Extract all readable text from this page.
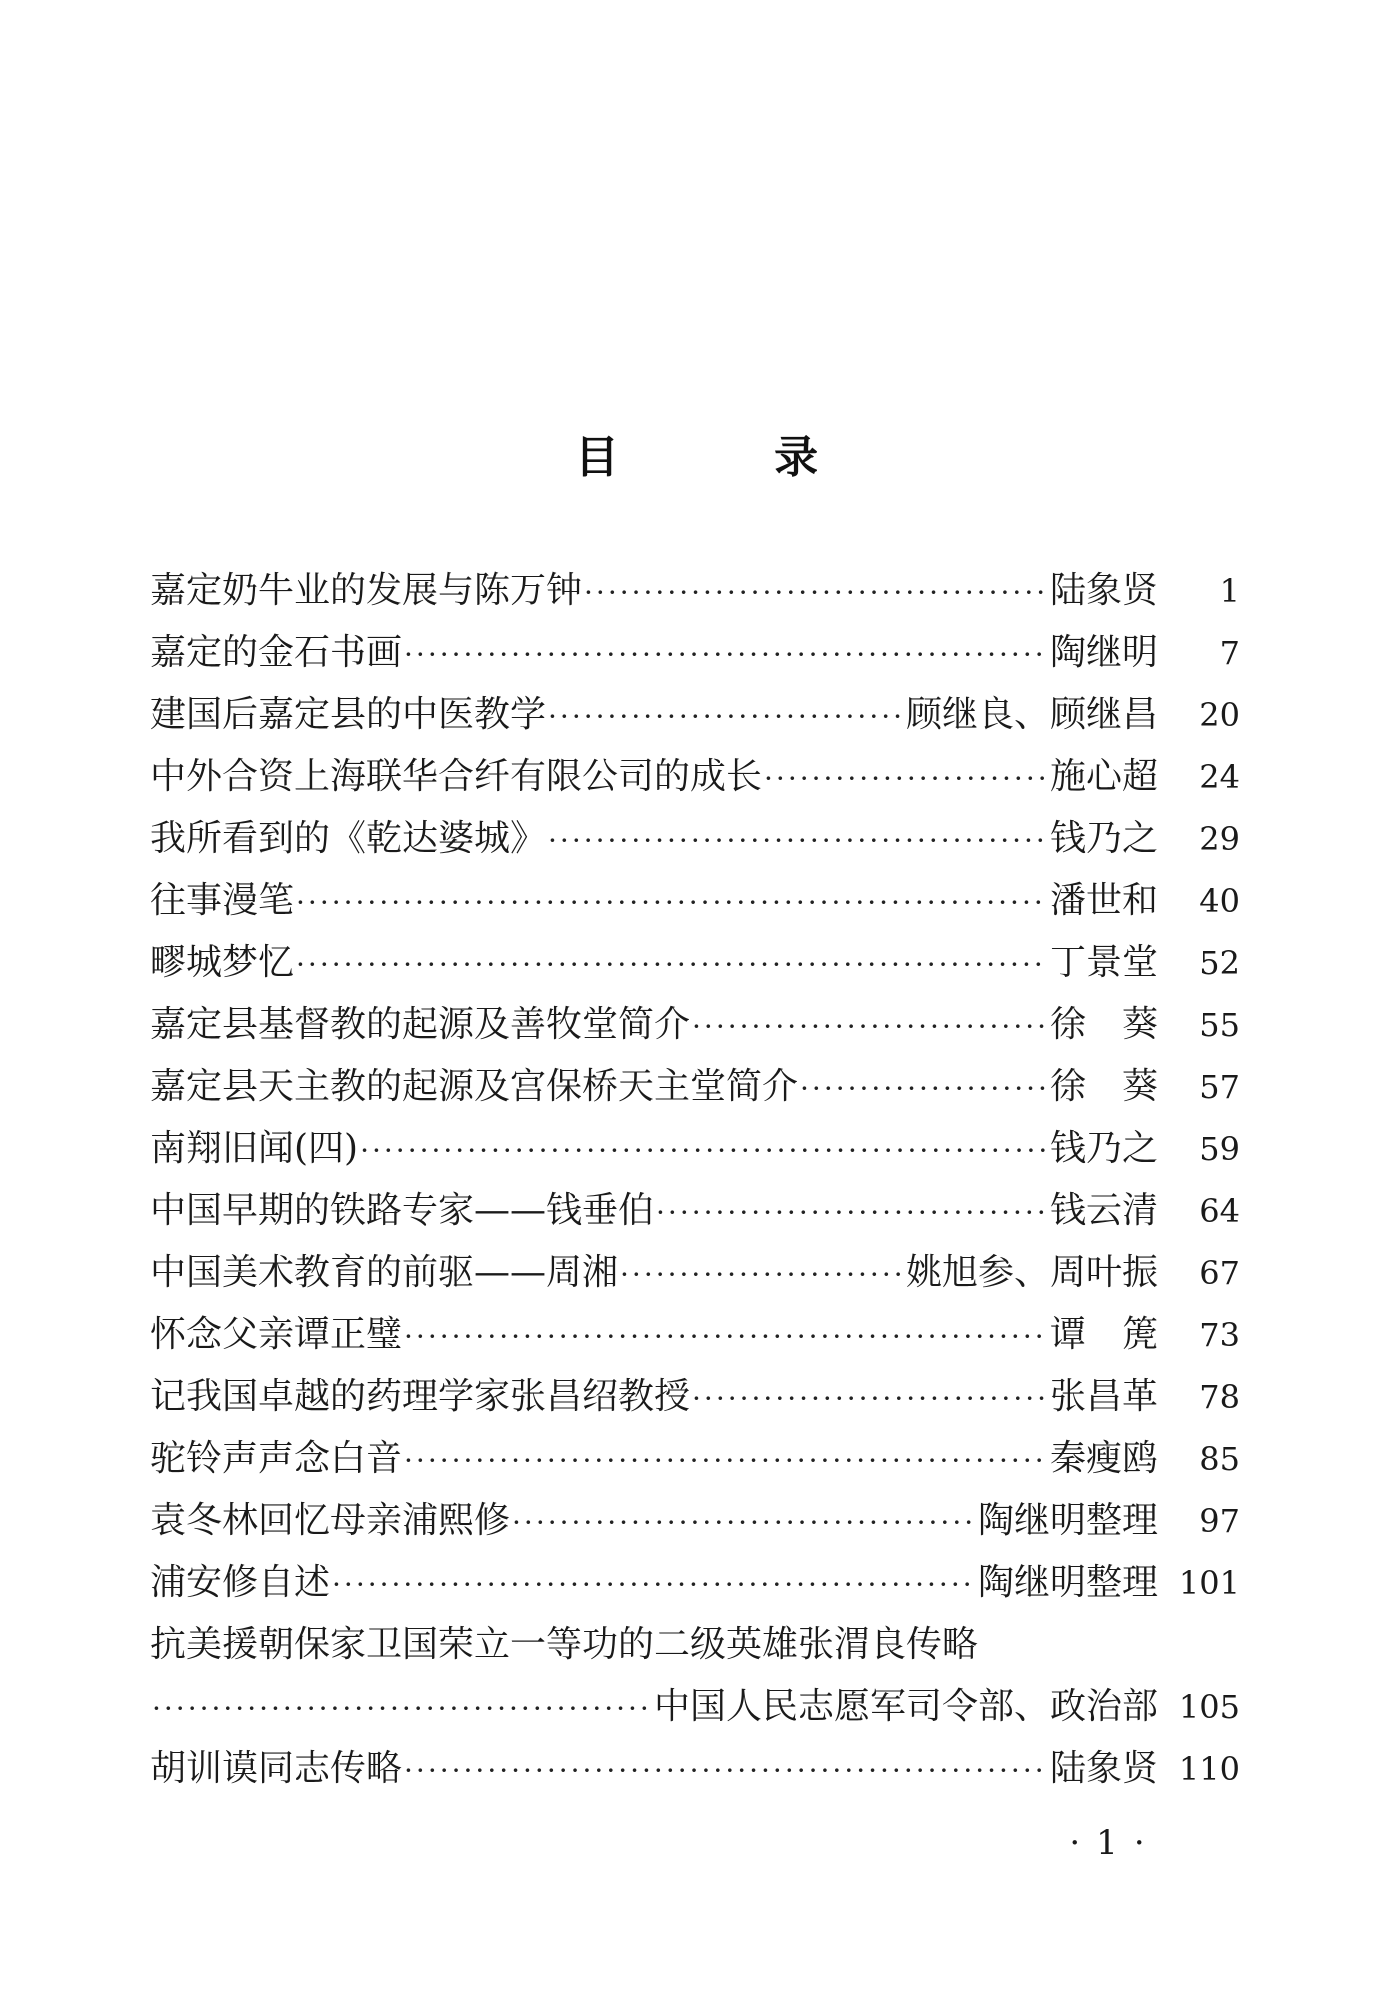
目 录
嘉定奶牛业的发展与陈万钟 ·····	陆象贤	1
嘉定的金石书画 ·····	陶继明	7
建国后嘉定县的中医教学 ·····	顾继良、顾继昌	20
中外合资上海联华合纤有限公司的成长 ·····	施心超	24
我所看到的《乾达婆城》 ·····	钱乃之	29
往事漫笔 ·····	潘世和	40
疁城梦忆 ·····	丁景堂	52
嘉定县基督教的起源及善牧堂简介 ·····	徐　葵	55
嘉定县天主教的起源及宫保桥天主堂简介 ·····	徐　葵	57
南翔旧闻(四) ·····	钱乃之	59
中国早期的铁路专家——钱垂伯 ·····	钱云清	64
中国美术教育的前驱——周湘 ·····	姚旭参、周叶振	67
怀念父亲谭正璧 ·····	谭　箎	73
记我国卓越的药理学家张昌绍教授 ·····	张昌革	78
驼铃声声念白音 ·····	秦瘦鸥	85
袁冬林回忆母亲浦熙修 ·····	陶继明整理	97
浦安修自述 ·····	陶继明整理 101
抗美援朝保家卫国荣立一等功的二级英雄张渭良传略
·····
中国人民志愿军司令部、政治部 105
胡训谟同志传略 ·····	陆象贤 110
·1·
